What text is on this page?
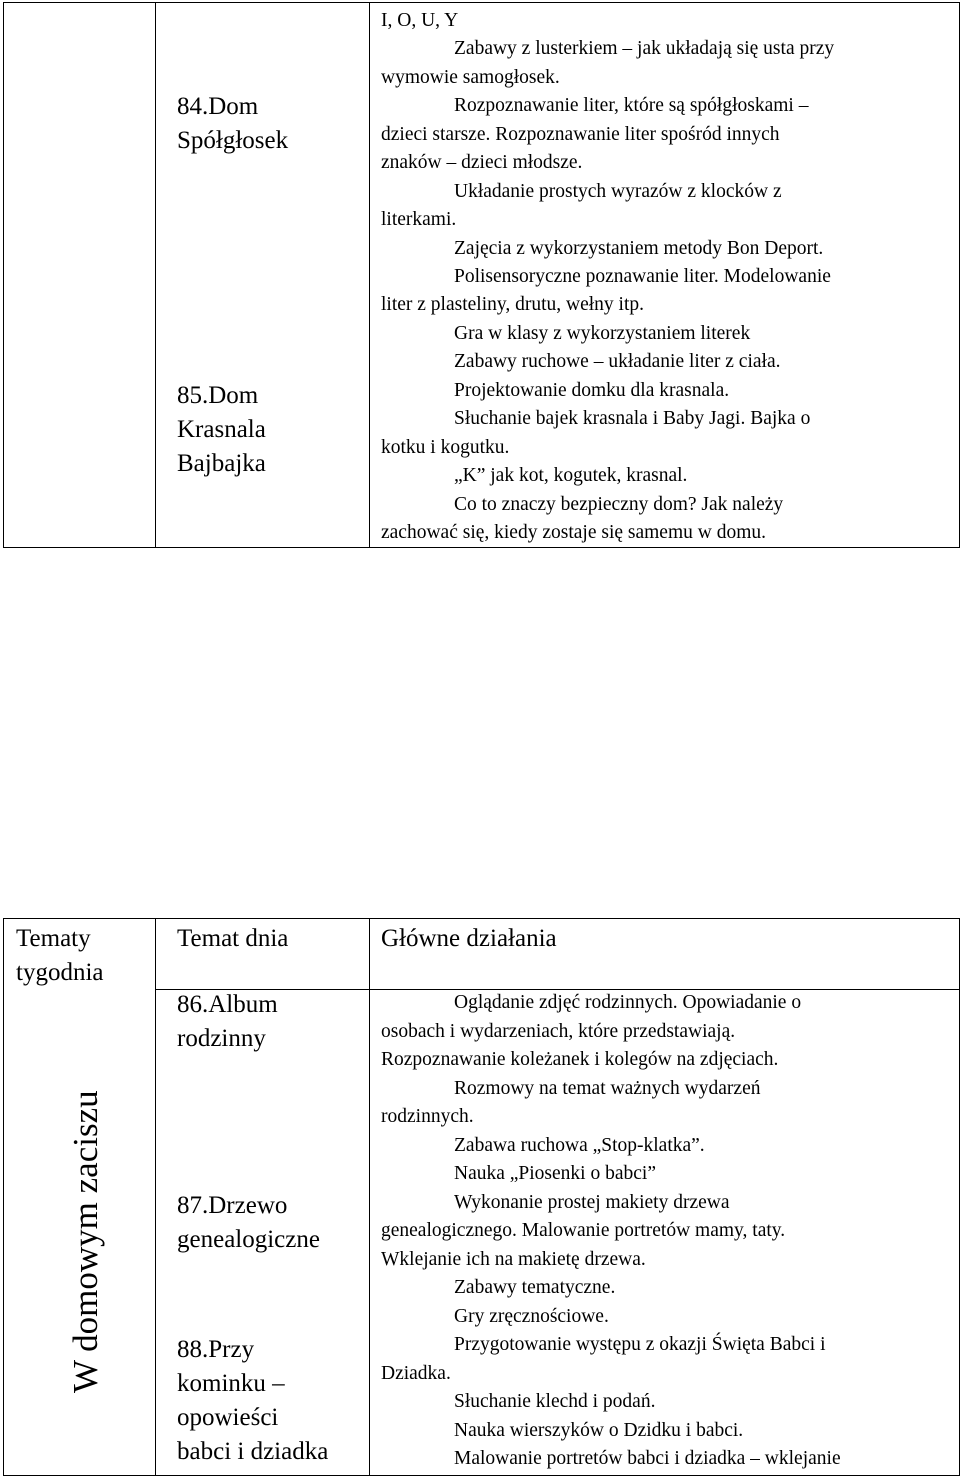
84.Dom
Spółgłosek
85.Dom
Krasnala
Bajbajka
I, O, U, Y
Zabawy z lusterkiem – jak układają się usta przy
wymowie samogłosek.
Rozpoznawanie liter, które są spółgłoskami –
dzieci starsze. Rozpoznawanie liter spośród innych
znaków – dzieci młodsze.
Układanie prostych wyrazów z klocków z
literkami.
Zajęcia z wykorzystaniem metody Bon Deport.
Polisensoryczne poznawanie liter. Modelowanie
liter z plasteliny, drutu, wełny itp.
Gra w klasy z wykorzystaniem literek
Zabawy ruchowe – układanie liter z ciała.
Projektowanie domku dla krasnala.
Słuchanie bajek krasnala i Baby Jagi. Bajka o
kotku i kogutku.
„K” jak kot, kogutek, krasnal.
Co to znaczy bezpieczny dom? Jak należy
zachować się, kiedy zostaje się samemu w domu.
Tematy
tygodnia
Temat dnia	Główne działania
W domowym zaciszu
86.Album
rodzinny
87.Drzewo
genealogiczne
88.Przy
kominku –
opowieści
babci i dziadka
Oglądanie zdjęć rodzinnych. Opowiadanie o
osobach i wydarzeniach, które przedstawiają.
Rozpoznawanie koleżanek i kolegów na zdjęciach.
Rozmowy na temat ważnych wydarzeń
rodzinnych.
Zabawa ruchowa „Stop-klatka”.
Nauka „Piosenki o babci”
Wykonanie prostej makiety drzewa
genealogicznego. Malowanie portretów mamy, taty.
Wklejanie ich na makietę drzewa.
Zabawy tematyczne.
Gry zręcznościowe.
Przygotowanie występu z okazji Święta Babci i
Dziadka.
Słuchanie klechd i podań.
Nauka wierszyków o Dzidku i babci.
Malowanie portretów babci i dziadka – wklejanie
